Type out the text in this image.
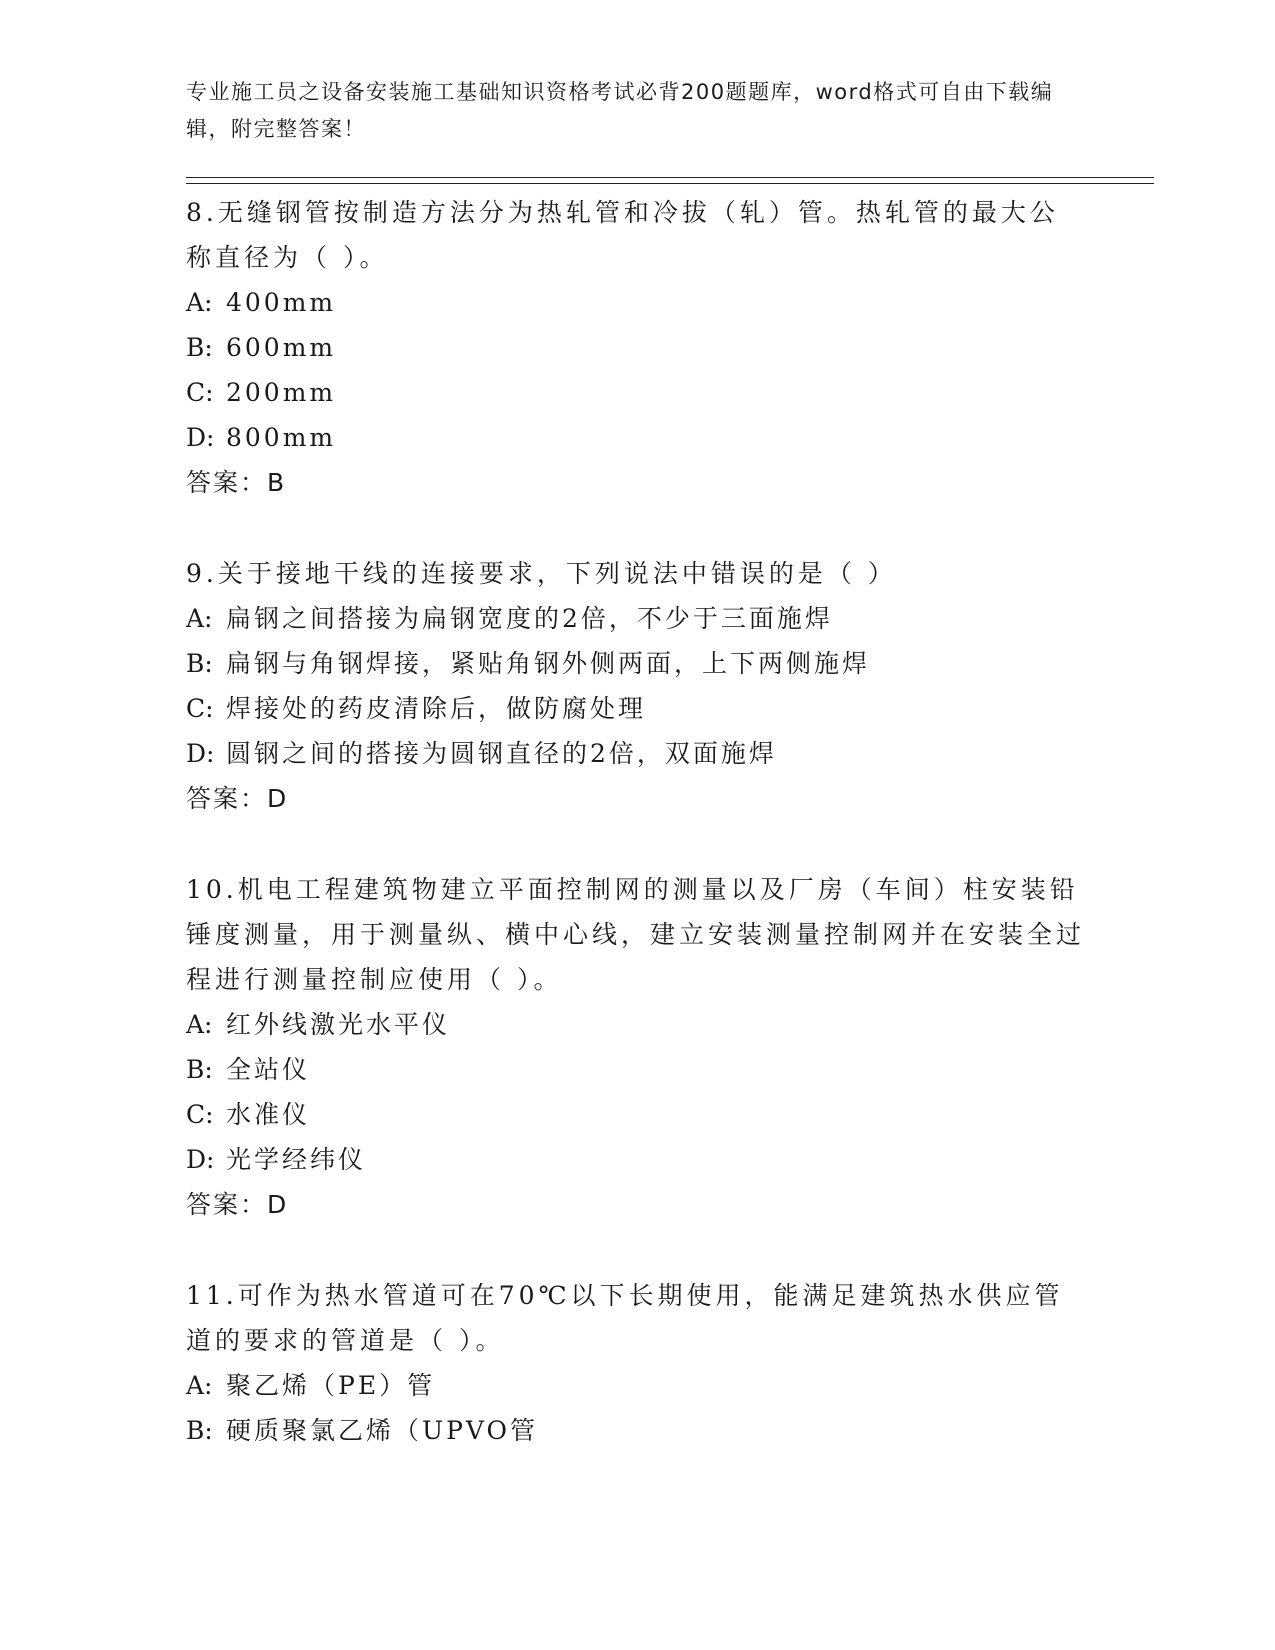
专业施工员之设备安装施工基础知识资格考试必背200题题库，word格式可自由下载编辑，附完整答案！
8.无缝钢管按制造方法分为热轧管和冷拔（轧）管。热轧管的最大公称直径为（ ）。
A: 400mm
B: 600mm
C: 200mm
D: 800mm
答案：B
9.关于接地干线的连接要求，下列说法中错误的是（ ）
A: 扁钢之间搭接为扁钢宽度的2倍，不少于三面施焊
B: 扁钢与角钢焊接，紧贴角钢外侧两面，上下两侧施焊
C: 焊接处的药皮清除后，做防腐处理
D: 圆钢之间的搭接为圆钢直径的2倍，双面施焊
答案：D
10.机电工程建筑物建立平面控制网的测量以及厂房（车间）柱安装铅锤度测量，用于测量纵、横中心线，建立安装测量控制网并在安装全过程进行测量控制应使用（ ）。
A: 红外线激光水平仪
B: 全站仪
C: 水准仪
D: 光学经纬仪
答案：D
11.可作为热水管道可在70℃以下长期使用，能满足建筑热水供应管道的要求的管道是（ ）。
A: 聚乙烯（PE）管
B: 硬质聚氯乙烯（UPVO管
